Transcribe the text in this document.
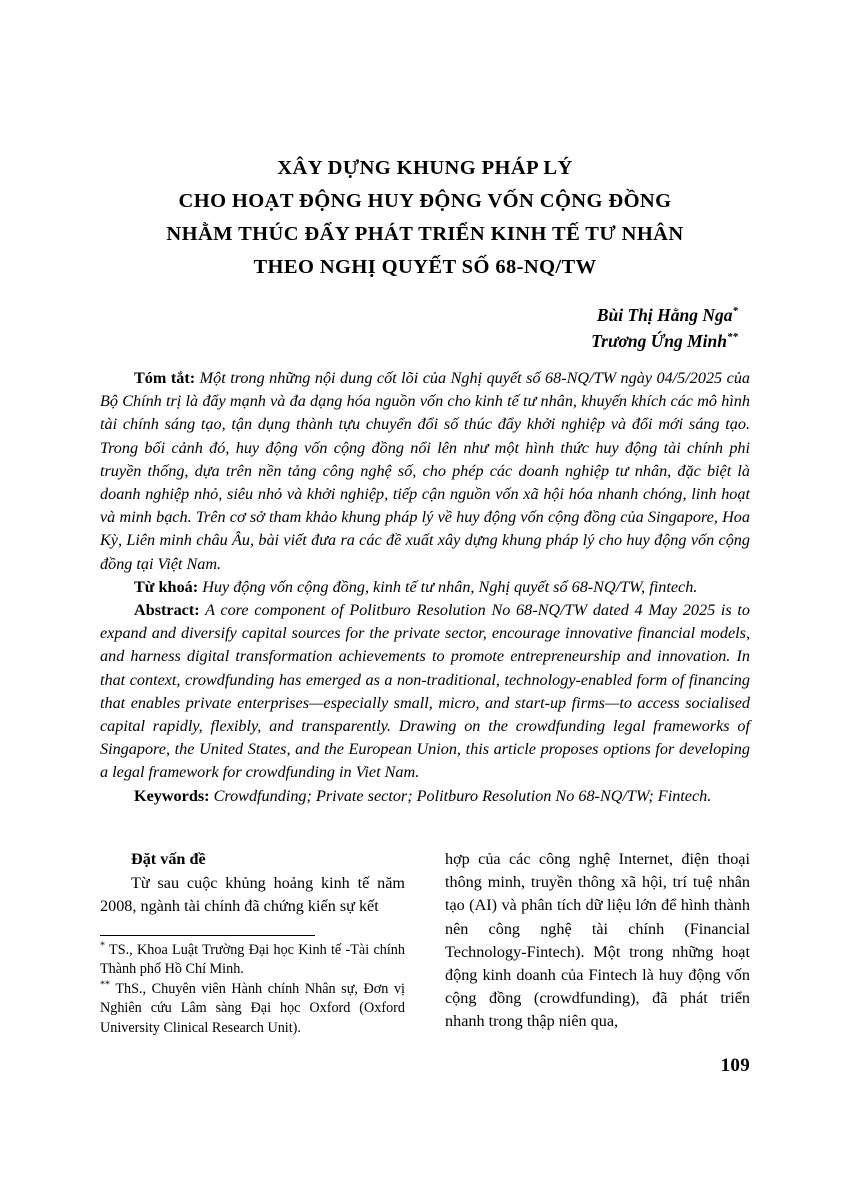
XÂY DỰNG KHUNG PHÁP LÝ
CHO HOẠT ĐỘNG HUY ĐỘNG VỐN CỘNG ĐỒNG
NHẰM THÚC ĐẨY PHÁT TRIỂN KINH TẾ TƯ NHÂN
THEO NGHỊ QUYẾT SỐ 68-NQ/TW
Bùi Thị Hằng Nga*
Trương Ứng Minh**

Tóm tắt: Một trong những nội dung cốt lõi của Nghị quyết số 68-NQ/TW ngày 04/5/2025 của Bộ Chính trị là đẩy mạnh và đa dạng hóa nguồn vốn cho kinh tế tư nhân, khuyến khích các mô hình tài chính sáng tạo, tận dụng thành tựu chuyển đổi số thúc đẩy khởi nghiệp và đổi mới sáng tạo. Trong bối cảnh đó, huy động vốn cộng đồng nổi lên như một hình thức huy động tài chính phi truyền thống, dựa trên nền tảng công nghệ số, cho phép các doanh nghiệp tư nhân, đặc biệt là doanh nghiệp nhỏ, siêu nhỏ và khởi nghiệp, tiếp cận nguồn vốn xã hội hóa nhanh chóng, linh hoạt và minh bạch. Trên cơ sở tham khảo khung pháp lý về huy động vốn cộng đồng của Singapore, Hoa Kỳ, Liên minh châu Âu, bài viết đưa ra các đề xuất xây dựng khung pháp lý cho huy động vốn cộng đồng tại Việt Nam.

Từ khoá: Huy động vốn cộng đồng, kinh tế tư nhân, Nghị quyết số 68-NQ/TW, fintech.

Abstract: A core component of Politburo Resolution No 68-NQ/TW dated 4 May 2025 is to expand and diversify capital sources for the private sector, encourage innovative financial models, and harness digital transformation achievements to promote entrepreneurship and innovation. In that context, crowdfunding has emerged as a non-traditional, technology-enabled form of financing that enables private enterprises—especially small, micro, and start-up firms—to access socialised capital rapidly, flexibly, and transparently. Drawing on the crowdfunding legal frameworks of Singapore, the United States, and the European Union, this article proposes options for developing a legal framework for crowdfunding in Viet Nam.

Keywords: Crowdfunding; Private sector; Politburo Resolution No 68-NQ/TW; Fintech.

Đặt vấn đề

Từ sau cuộc khủng hoảng kinh tế năm 2008, ngành tài chính đã chứng kiến sự kết

hợp của các công nghệ Internet, điện thoại thông minh, truyền thông xã hội, trí tuệ nhân tạo (AI) và phân tích dữ liệu lớn để hình thành nên công nghệ tài chính (Financial Technology-Fintech). Một trong những hoạt động kinh doanh của Fintech là huy động vốn cộng đồng (crowdfunding), đã phát triển nhanh trong thập niên qua,

* TS., Khoa Luật Trường Đại học Kinh tế -Tài chính Thành phố Hồ Chí Minh.

** ThS., Chuyên viên Hành chính Nhân sự, Đơn vị Nghiên cứu Lâm sàng Đại học Oxford (Oxford University Clinical Research Unit).

109
